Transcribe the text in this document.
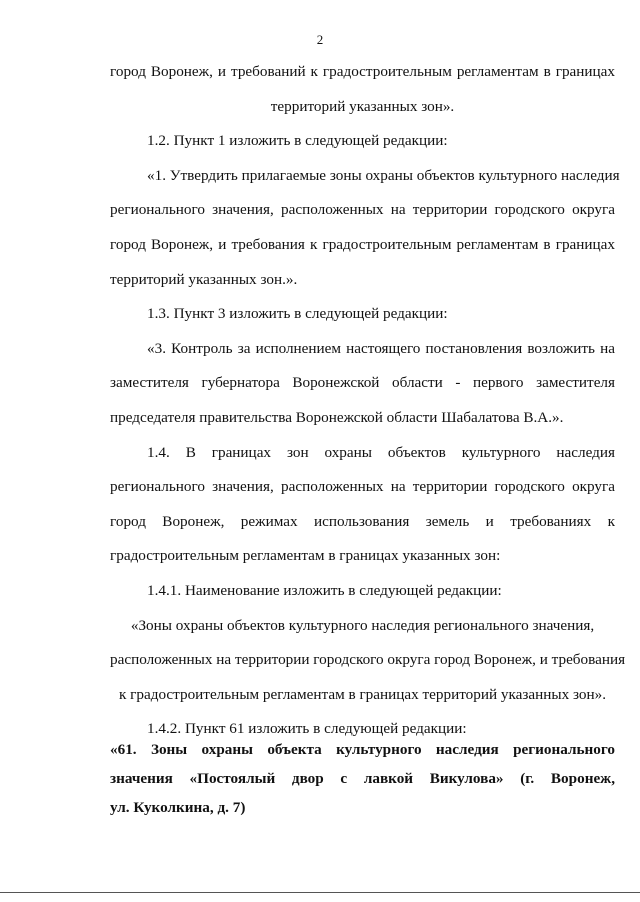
2
город Воронеж, и требований к градостроительным регламентам в границах
территорий указанных зон».
1.2. Пункт 1 изложить в следующей редакции:
«1. Утвердить прилагаемые зоны охраны объектов культурного наследия
регионального значения, расположенных на территории городского округа
город Воронеж, и требования к градостроительным регламентам в границах
территорий указанных зон.».
1.3. Пункт 3 изложить в следующей редакции:
«3. Контроль за исполнением настоящего постановления возложить на
заместителя губернатора Воронежской области - первого заместителя
председателя правительства Воронежской области Шабалатова В.А.».
1.4. В границах зон охраны объектов культурного наследия
регионального значения, расположенных на территории городского округа
город Воронеж, режимах использования земель и требованиях к
градостроительным регламентам в границах указанных зон:
1.4.1. Наименование изложить в следующей редакции:
«Зоны охраны объектов культурного наследия регионального значения,
расположенных на территории городского округа город Воронеж, и требования
к градостроительным регламентам в границах территорий указанных зон».
1.4.2. Пункт 61 изложить в следующей редакции:
«61. Зоны охраны объекта культурного наследия регионального
значения «Постоялый двор с лавкой Викулова» (г. Воронеж,
ул. Куколкина, д. 7)
